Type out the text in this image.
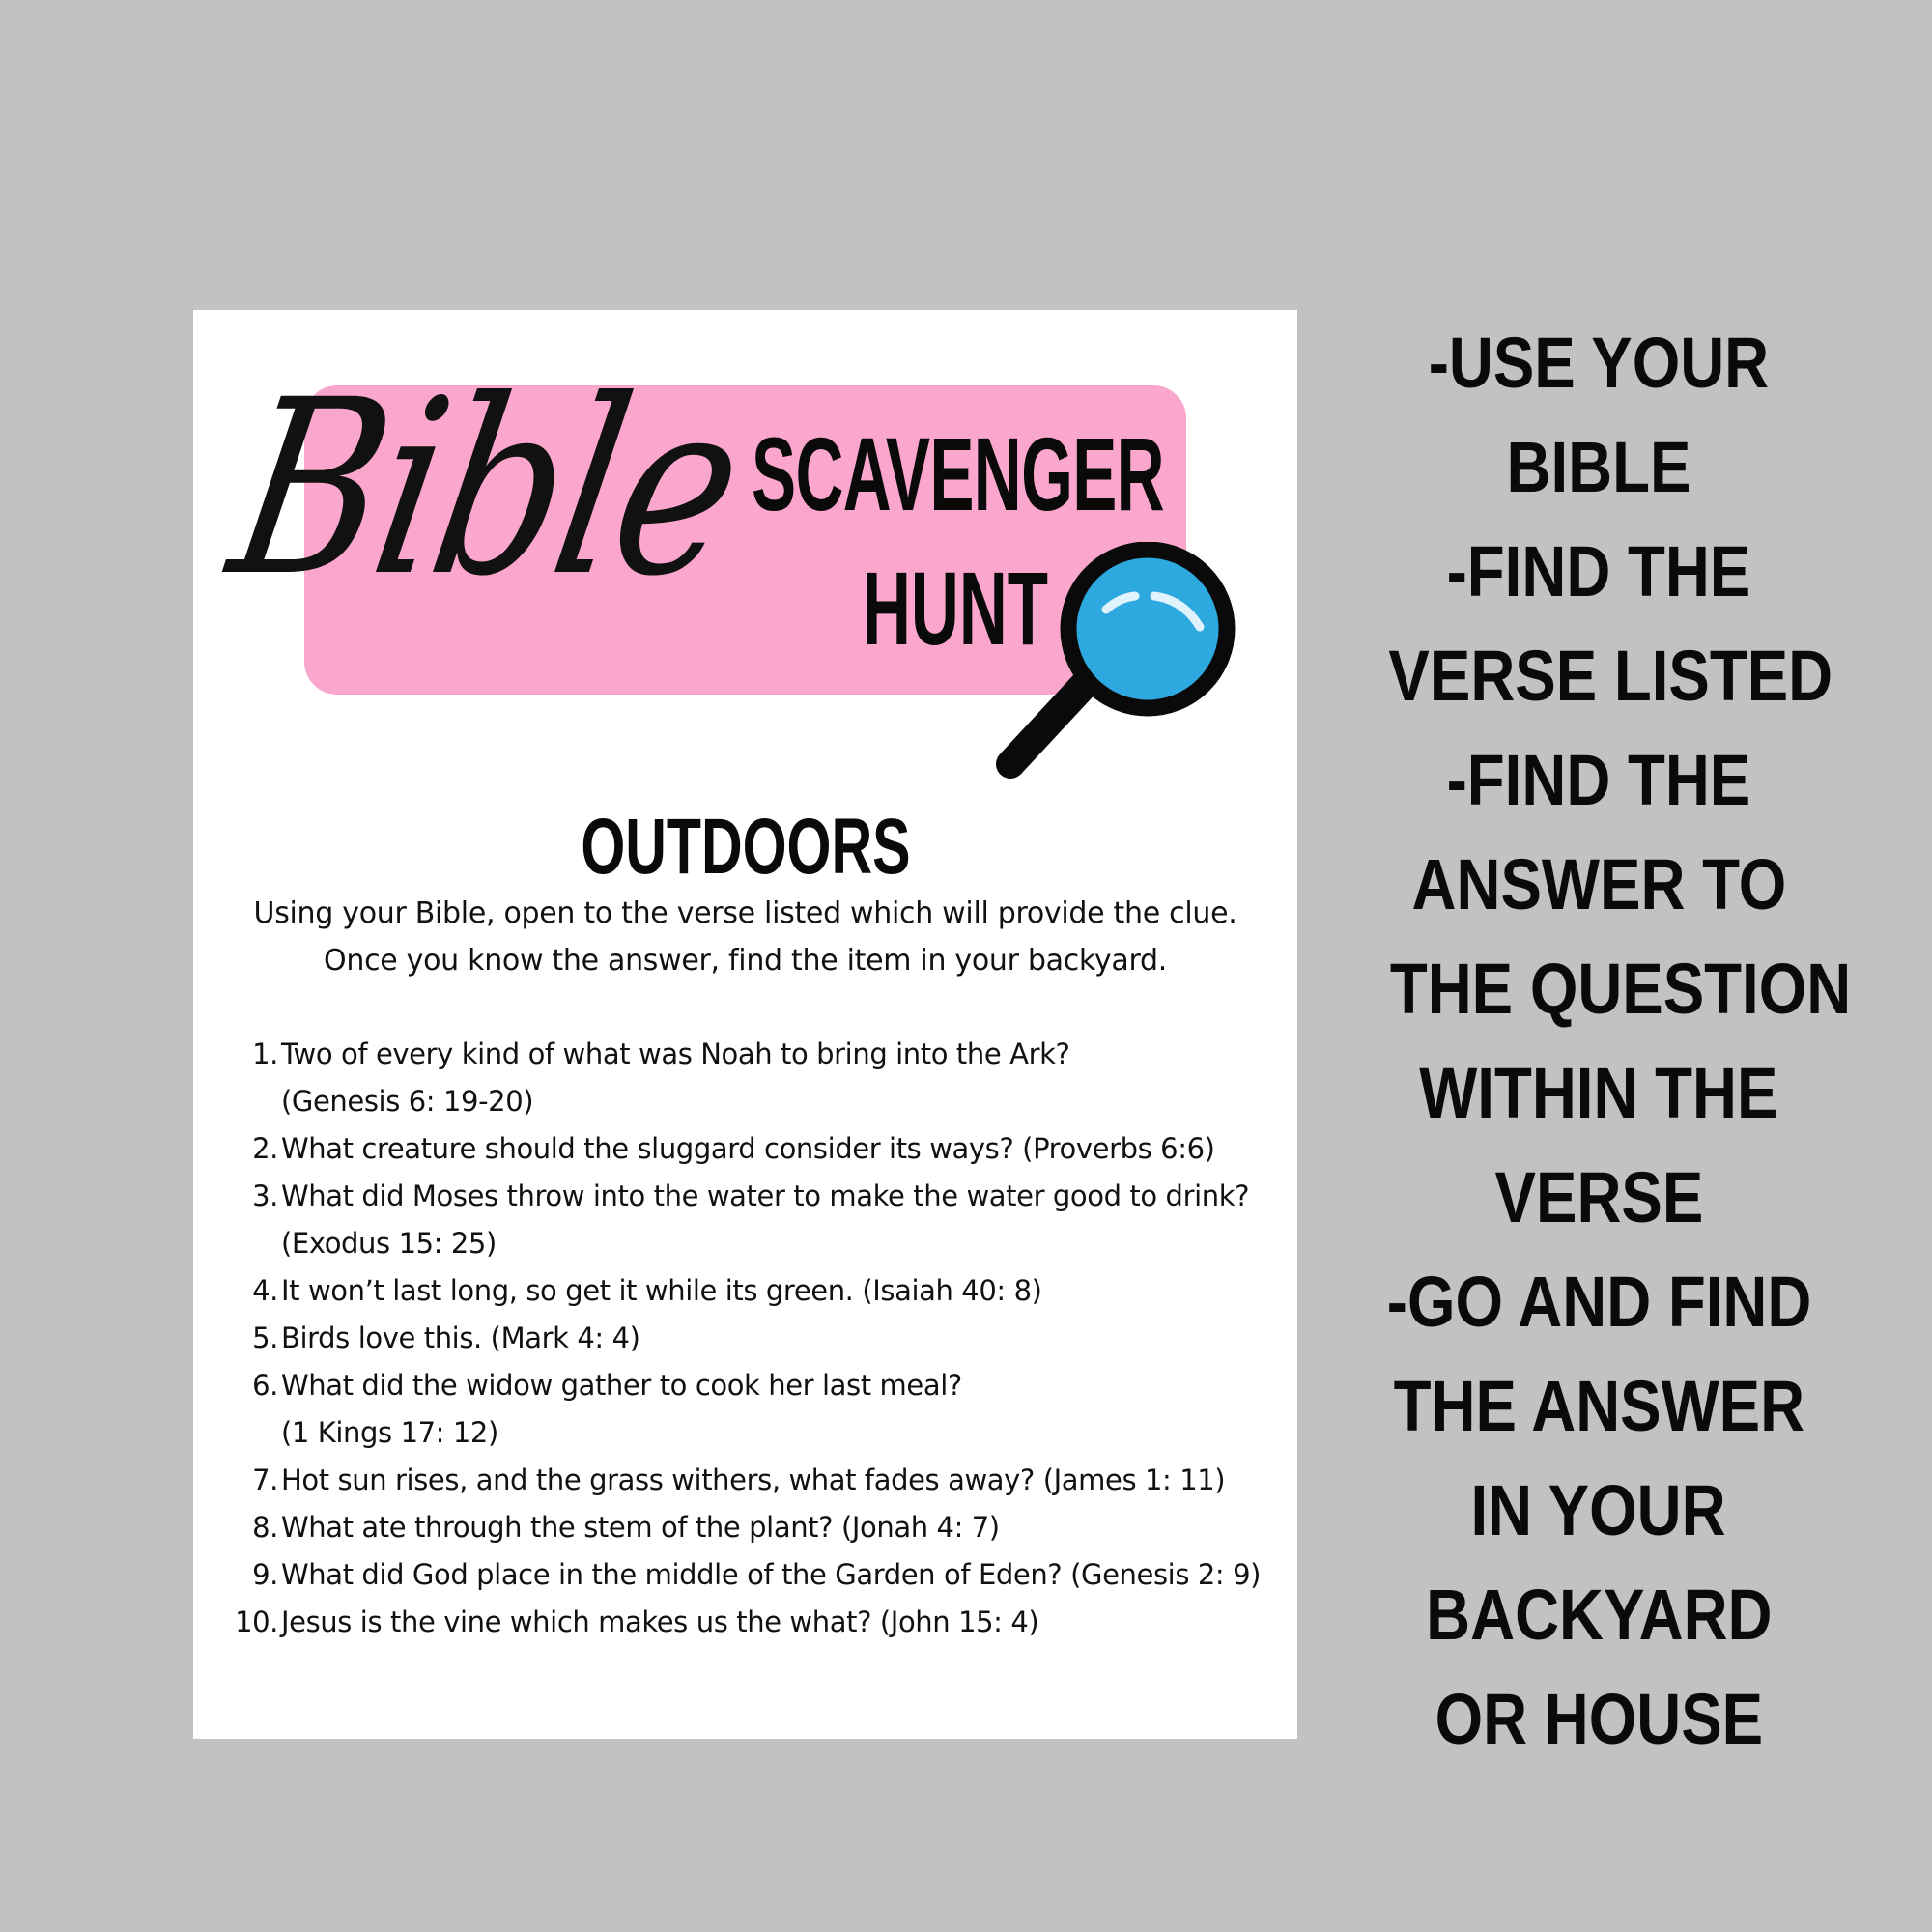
Bible
SCAVENGER
HUNT
OUTDOORS
Using your Bible, open to the verse listed which will provide the clue. Once you know the answer, find the item in your backyard.
1. Two of every kind of what was Noah to bring into the Ark?
(Genesis 6: 19-20)
2. What creature should the sluggard consider its ways? (Proverbs 6:6)
3. What did Moses throw into the water to make the water good to drink?
(Exodus 15: 25)
4. It won’t last long, so get it while its green. (Isaiah 40: 8)
5. Birds love this. (Mark 4: 4)
6. What did the widow gather to cook her last meal?
(1 Kings 17: 12)
7. Hot sun rises, and the grass withers, what fades away? (James 1: 11)
8. What ate through the stem of the plant? (Jonah 4: 7)
9. What did God place in the middle of the Garden of Eden? (Genesis 2: 9)
10. Jesus is the vine which makes us the what? (John 15: 4)
-USE YOUR
BIBLE
-FIND THE
VERSE LISTED
-FIND THE
ANSWER TO
THE QUESTION
WITHIN THE
VERSE
-GO AND FIND
THE ANSWER
IN YOUR
BACKYARD
OR HOUSE
